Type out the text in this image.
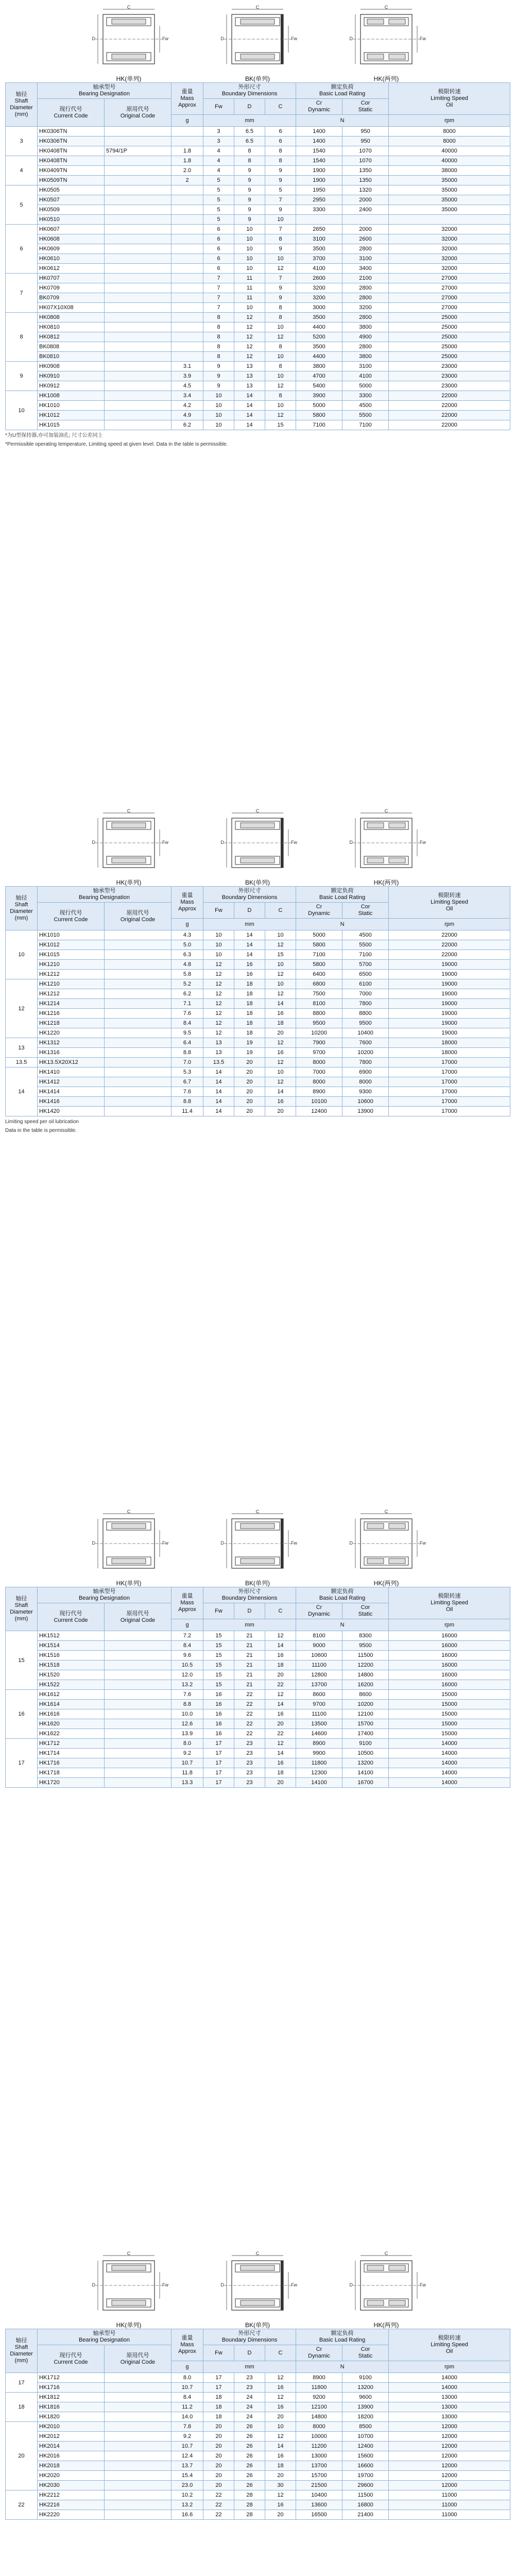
C
D	Fw
HK(单列)
C
D	Fw
BK(单列)
C
D	Fw
HK(两列)
轴径
Shaft
Diameter
(mm)	轴承型号
Bearing Designation		重量
Mass
Approx	外形尺寸
Boundary Dimensions			额定负荷
Basic Load Rating		极限转速
Limiting Speed
Oil
	现行代号
Current Code	原用代号
Original Code		Fw	D	C	Cr
Dynamic	Cor
Static	
			g	mm			N		rpm
3	HK0306TN			3	6.5	6	1400	950	8000
	HK0306TN			3	6.5	6	1400	950	8000
	HK0408TN	5794/1Р	1.8	4	8	8	1540	1070	40000
4	HK0408TN		1.8	4	8	8	1540	1070	40000
	HK0409TN		2.0	4	9	9	1900	1350	38000
	HK0509TN		2	5	9	9	1900	1350	35000
5	HK0505			5	9	5	1950	1320	35000
	HK0507			5	9	7	2950	2000	35000
	HK0509			5	9	9	3300	2400	35000
	HK0510			5	9	10			
6	HK0607			6	10	7	2650	2000	32000
	HK0608			6	10	8	3100	2600	32000
	HK0609			6	10	9	3500	2800	32000
	HK0610			6	10	10	3700	3100	32000
	HK0612			6	10	12	4100	3400	32000
7	HK0707			7	11	7	2600	2100	27000
	HK0709			7	11	9	3200	2800	27000
	BK0709			7	11	9	3200	2800	27000
	HK07X10X08			7	10	8	3000	3200	27000
8	HK0808			8	12	8	3500	2800	25000
	HK0810			8	12	10	4400	3800	25000
	HK0812			8	12	12	5200	4900	25000
	BK0808			8	12	8	3500	2800	25000
	BK0810			8	12	10	4400	3800	25000
9	HK0908		3.1	9	13	8	3800	3100	23000
	HK0910		3.9	9	13	10	4700	4100	23000
	HK0912		4.5	9	13	12	5400	5000	23000
10	HK1008		3.4	10	14	8	3900	3300	22000
	HK1010		4.2	10	14	10	5000	4500	22000
	HK1012		4.9	10	14	12	5800	5500	22000
	HK1015		6.2	10	14	15	7100	7100	22000
*为U型保持器,亦可加装油孔; 尺寸公差同上
*Permissible operating temperature, Limiting speed at given level. Data in the table is permissible.
C
D	Fw
HK(单列)
C
D	Fw
BK(单列)
C
D	Fw
HK(两列)
轴径
Shaft
Diameter
(mm)	轴承型号
Bearing Designation		重量
Mass
Approx	外形尺寸
Boundary Dimensions			额定负荷
Basic Load Rating		极限转速
Limiting Speed
Oil
	现行代号
Current Code	原用代号
Original Code		Fw	D	C	Cr
Dynamic	Cor
Static	
			g	mm			N		rpm
10	HK1010		4.3	10	14	10	5000	4500	22000
	HK1012		5.0	10	14	12	5800	5500	22000
	HK1015		6.3	10	14	15	7100	7100	22000
	HK1210		4.8	12	16	10	5800	5700	19000
	HK1212		5.8	12	16	12	6400	6500	19000
12	HK1210		5.2	12	18	10	6800	6100	19000
	HK1212		6.2	12	18	12	7500	7000	19000
	HK1214		7.1	12	18	14	8100	7800	19000
	HK1216		7.6	12	18	16	8800	8800	19000
	HK1218		8.4	12	18	18	9500	9500	19000
	HK1220		9.5	12	18	20	10200	10400	19000
13	HK1312		6.4	13	19	12	7900	7600	18000
	HK1316		8.8	13	19	16	9700	10200	18000
13.5	HK13.5X20X12		7.0	13.5	20	12	8000	7800	17000
14	HK1410		5.3	14	20	10	7000	6900	17000
	HK1412		6.7	14	20	12	8000	8000	17000
	HK1414		7.6	14	20	14	8900	9300	17000
	HK1416		8.8	14	20	16	10100	10600	17000
	HK1420		11.4	14	20	20	12400	13900	17000
Limiting speed per oil lubrication
Data in the table is permissible.
C
D	Fw
HK(单列)
C
D	Fw
BK(单列)
C
D	Fw
HK(两列)
轴径
Shaft
Diameter
(mm)	轴承型号
Bearing Designation		重量
Mass
Approx	外形尺寸
Boundary Dimensions			额定负荷
Basic Load Rating		极限转速
Limiting Speed
Oil
	现行代号
Current Code	原用代号
Original Code		Fw	D	C	Cr
Dynamic	Cor
Static	
			g	mm			N		rpm
15	HK1512		7.2	15	21	12	8100	8300	16000
	HK1514		8.4	15	21	14	9000	9500	16000
	HK1516		9.6	15	21	16	10600	11500	16000
	HK1518		10.5	15	21	18	11100	12200	16000
	HK1520		12.0	15	21	20	12800	14800	16000
	HK1522		13.2	15	21	22	13700	16200	16000
16	HK1612		7.6	16	22	12	8600	8600	15000
	HK1614		8.8	16	22	14	9700	10200	15000
	HK1616		10.0	16	22	16	11100	12100	15000
	HK1620		12.6	16	22	20	13500	15700	15000
	HK1622		13.9	16	22	22	14600	17400	15000
17	HK1712		8.0	17	23	12	8900	9100	14000
	HK1714		9.2	17	23	14	9900	10500	14000
	HK1716		10.7	17	23	16	11800	13200	14000
	HK1718		11.8	17	23	18	12300	14100	14000
	HK1720		13.3	17	23	20	14100	16700	14000
C
D	Fw
HK(单列)
C
D	Fw
BK(单列)
C
D	Fw
HK(两列)
轴径
Shaft
Diameter
(mm)	轴承型号
Bearing Designation		重量
Mass
Approx	外形尺寸
Boundary Dimensions			额定负荷
Basic Load Rating		极限转速
Limiting Speed
Oil
	现行代号
Current Code	原用代号
Original Code		Fw	D	C	Cr
Dynamic	Cor
Static	
			g	mm			N		rpm
17	HK1712		8.0	17	23	12	8900	9100	14000
	HK1716		10.7	17	23	16	11800	13200	14000
18	HK1812		8.4	18	24	12	9200	9600	13000
	HK1816		11.2	18	24	16	12100	13900	13000
	HK1820		14.0	18	24	20	14800	18200	13000
20	HK2010		7.8	20	26	10	8000	8500	12000
	HK2012		9.2	20	26	12	10000	10700	12000
	HK2014		10.7	20	26	14	11200	12400	12000
	HK2016		12.4	20	26	16	13000	15600	12000
	HK2018		13.7	20	26	18	13700	16600	12000
	HK2020		15.4	20	26	20	15700	19700	12000
	HK2030		23.0	20	26	30	21500	29600	12000
22	HK2212		10.2	22	28	12	10400	11500	11000
	HK2216		13.2	22	28	16	13600	16800	11000
	HK2220		16.6	22	28	20	16500	21400	11000
